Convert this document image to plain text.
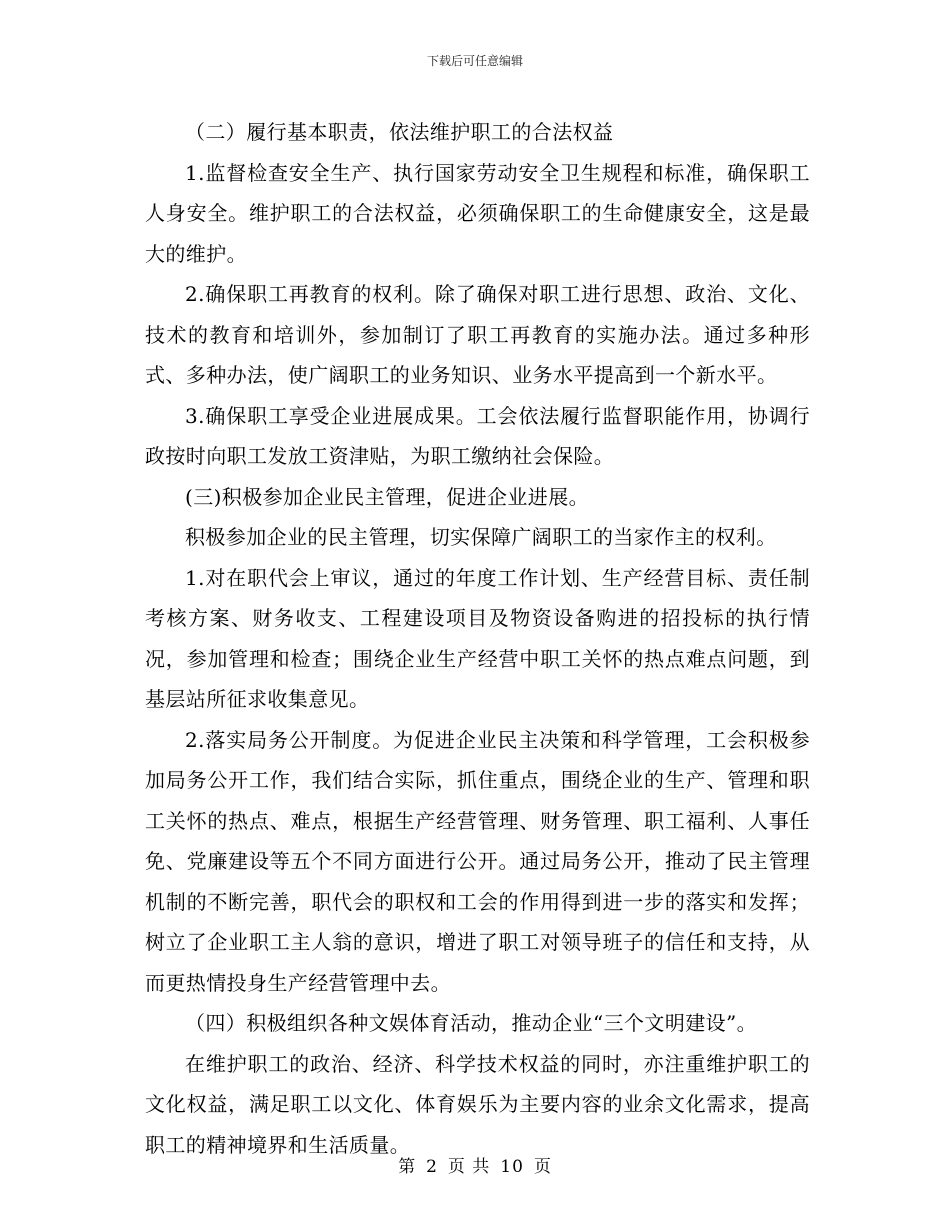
下载后可任意编辑

（二）履行基本职责，依法维护职工的合法权益

1.监督检查安全生产、执行国家劳动安全卫生规程和标准，确保职工人身安全。维护职工的合法权益，必须确保职工的生命健康安全，这是最大的维护。

2.确保职工再教育的权利。除了确保对职工进行思想、政治、文化、技术的教育和培训外，参加制订了职工再教育的实施办法。通过多种形式、多种办法，使广阔职工的业务知识、业务水平提高到一个新水平。

3.确保职工享受企业进展成果。工会依法履行监督职能作用，协调行政按时向职工发放工资津贴，为职工缴纳社会保险。

(三)积极参加企业民主管理，促进企业进展。

积极参加企业的民主管理，切实保障广阔职工的当家作主的权利。

1.对在职代会上审议，通过的年度工作计划、生产经营目标、责任制考核方案、财务收支、工程建设项目及物资设备购进的招投标的执行情况，参加管理和检查；围绕企业生产经营中职工关怀的热点难点问题，到基层站所征求收集意见。

2.落实局务公开制度。为促进企业民主决策和科学管理，工会积极参加局务公开工作，我们结合实际，抓住重点，围绕企业的生产、管理和职工关怀的热点、难点，根据生产经营管理、财务管理、职工福利、人事任免、党廉建设等五个不同方面进行公开。通过局务公开，推动了民主管理机制的不断完善，职代会的职权和工会的作用得到进一步的落实和发挥；树立了企业职工主人翁的意识，增进了职工对领导班子的信任和支持，从而更热情投身生产经营管理中去。

（四）积极组织各种文娱体育活动，推动企业“三个文明建设”。

在维护职工的政治、经济、科学技术权益的同时，亦注重维护职工的文化权益，满足职工以文化、体育娱乐为主要内容的业余文化需求，提高职工的精神境界和生活质量。

第 2 页 共 10 页
